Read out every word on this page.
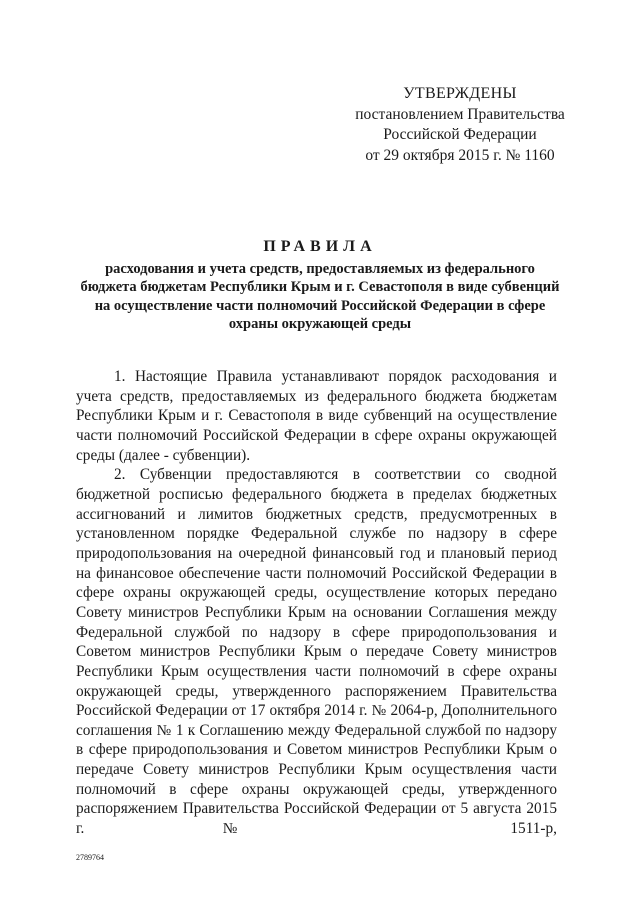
УТВЕРЖДЕНЫ
постановлением Правительства
Российской Федерации
от 29 октября 2015 г. № 1160
ПРАВИЛА
расходования и учета средств, предоставляемых из федерального бюджета бюджетам Республики Крым и г. Севастополя в виде субвенций на осуществление части полномочий Российской Федерации в сфере охраны окружающей среды

1. Настоящие Правила устанавливают порядок расходования и учета средств, предоставляемых из федерального бюджета бюджетам Республики Крым и г. Севастополя в виде субвенций на осуществление части полномочий Российской Федерации в сфере охраны окружающей среды (далее - субвенции).

2. Субвенции предоставляются в соответствии со сводной бюджетной росписью федерального бюджета в пределах бюджетных ассигнований и лимитов бюджетных средств, предусмотренных в установленном порядке Федеральной службе по надзору в сфере природопользования на очередной финансовый год и плановый период на финансовое обеспечение части полномочий Российской Федерации в сфере охраны окружающей среды, осуществление которых передано Совету министров Республики Крым на основании Соглашения между Федеральной службой по надзору в сфере природопользования и Советом министров Республики Крым о передаче Совету министров Республики Крым осуществления части полномочий в сфере охраны окружающей среды, утвержденного распоряжением Правительства Российской Федерации от 17 октября 2014 г. № 2064-р, Дополнительного соглашения № 1 к Соглашению между Федеральной службой по надзору в сфере природопользования и Советом министров Республики Крым о передаче Совету министров Республики Крым осуществления части полномочий в сфере охраны окружающей среды, утвержденного распоряжением Правительства Российской Федерации от 5 августа 2015 г. № 1511-р,

2789764
